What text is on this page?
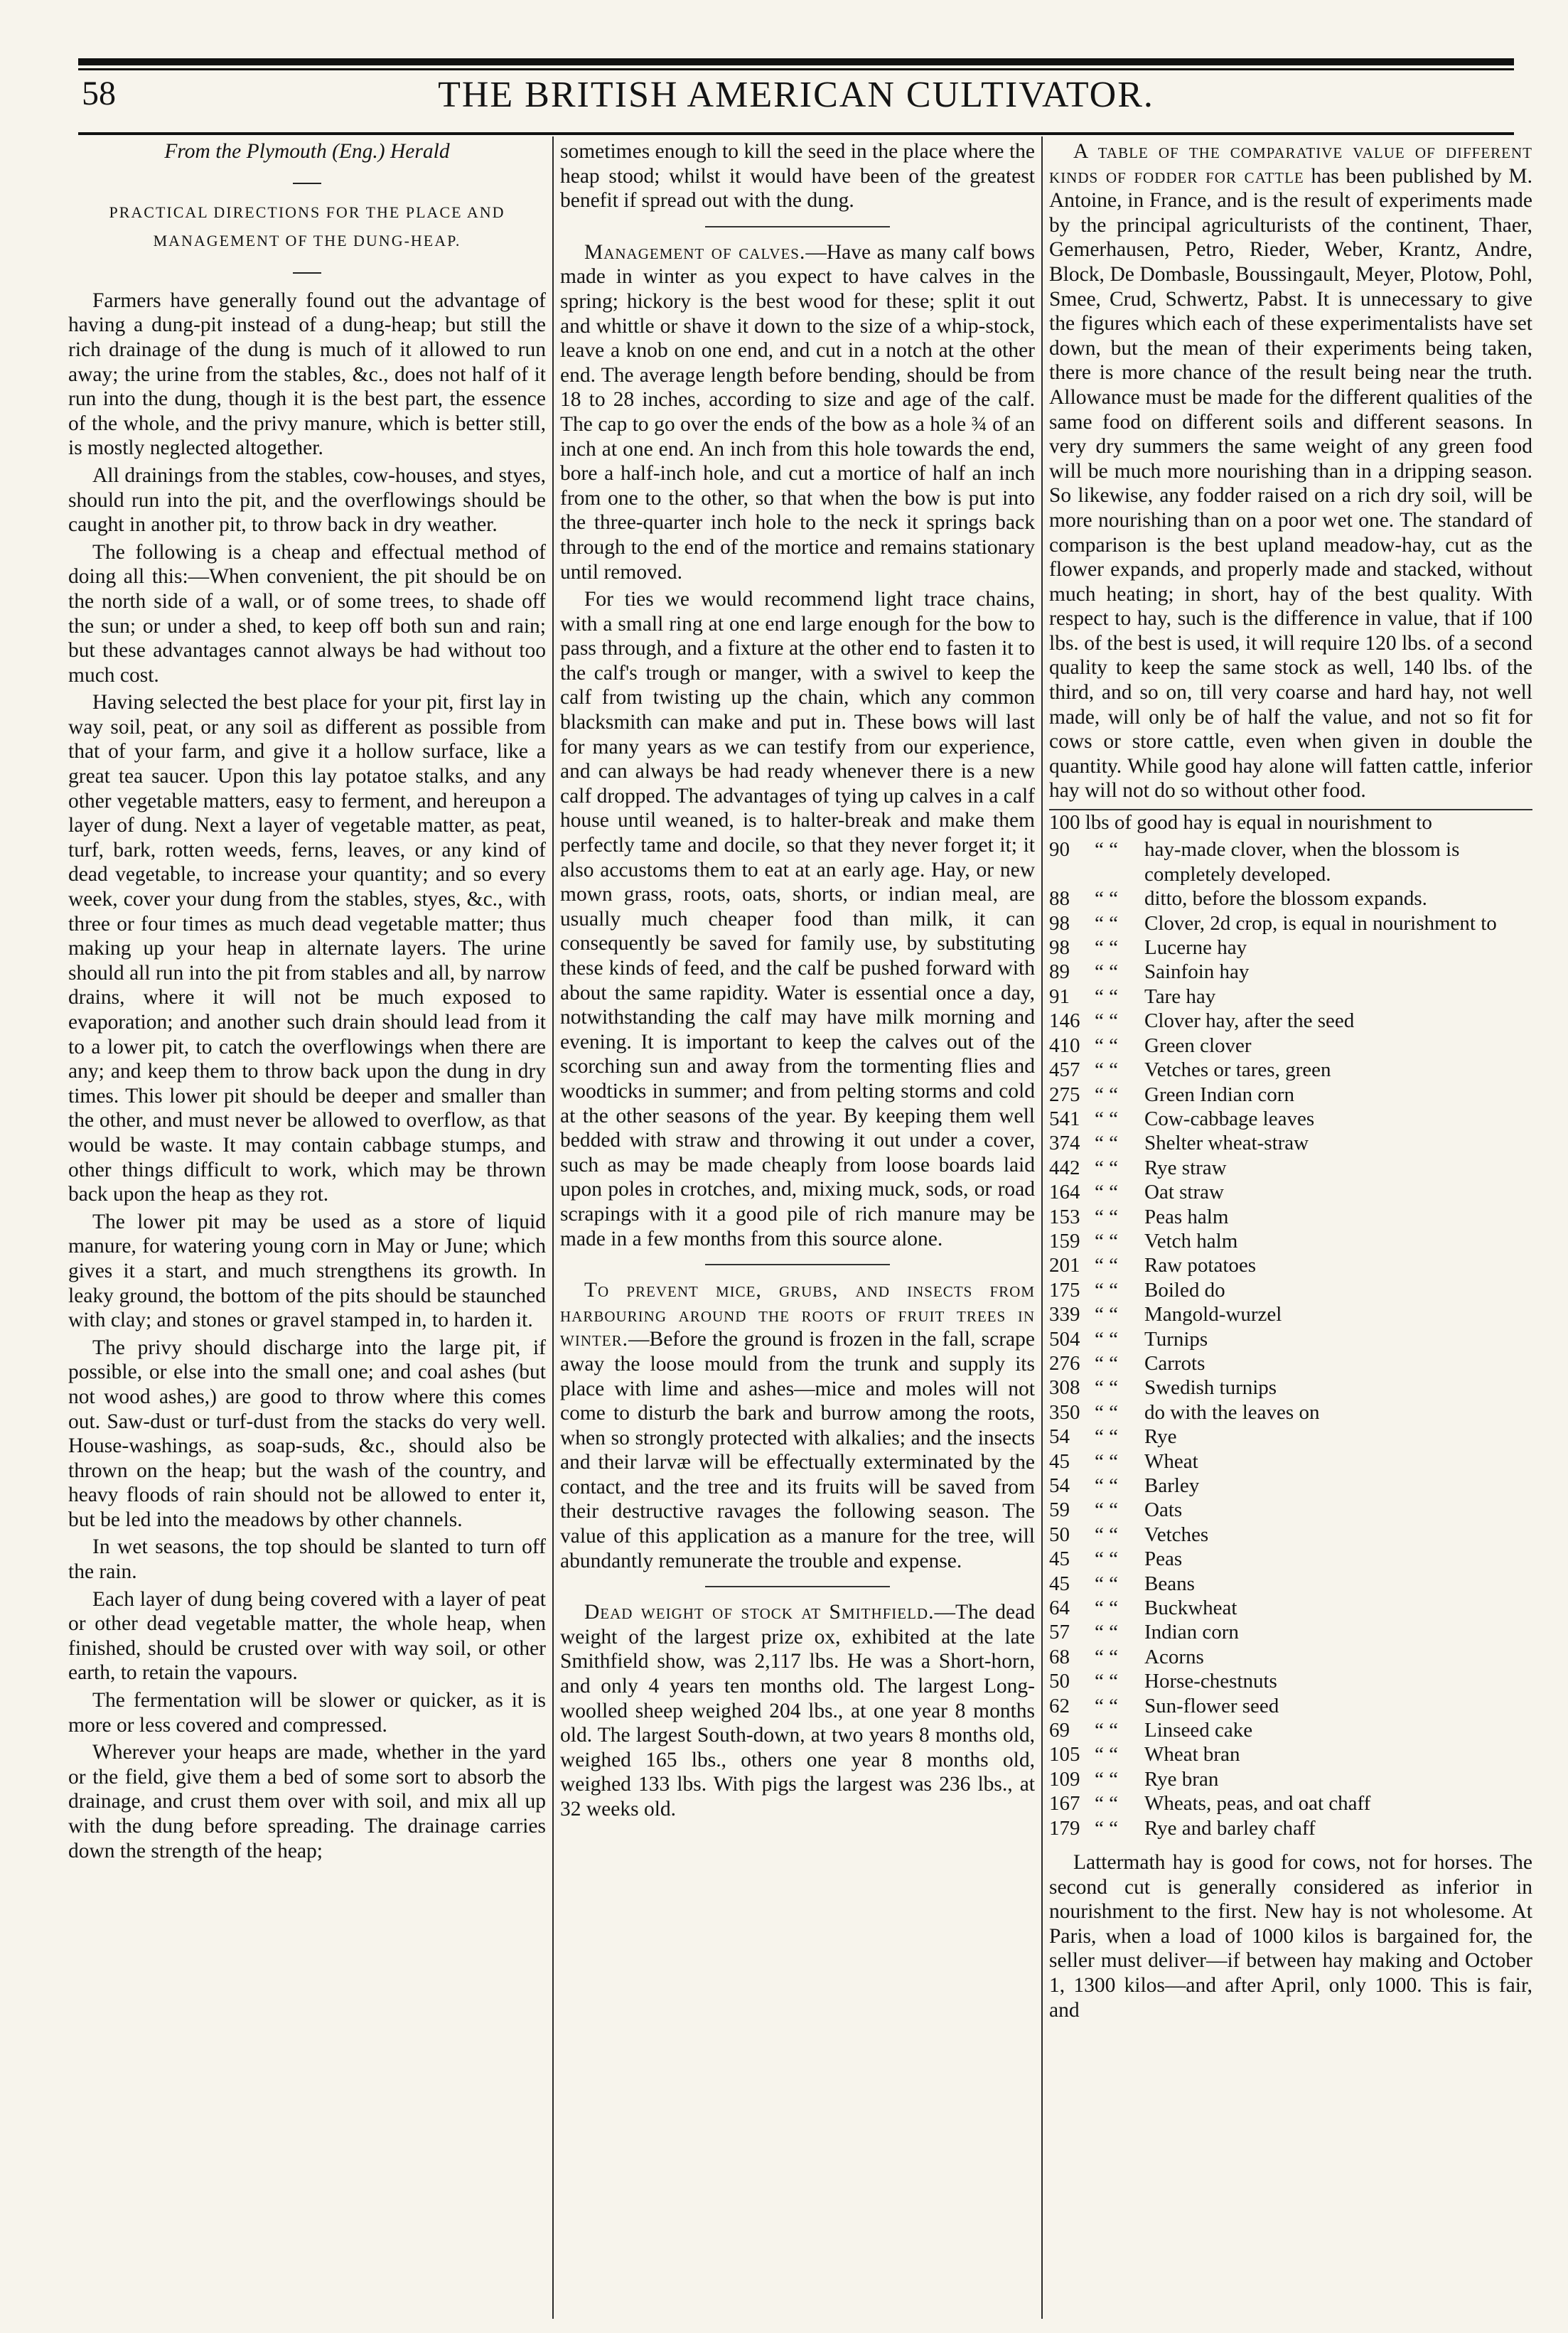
58	THE BRITISH AMERICAN CULTIVATOR.
From the Plymouth (Eng.) Herald
PRACTICAL DIRECTIONS FOR THE PLACE AND
MANAGEMENT OF THE DUNG-HEAP.

Farmers have generally found out the advantage of having a dung-pit instead of a dung-heap; but still the rich drainage of the dung is much of it allowed to run away; the urine from the stables, &c., does not half of it run into the dung, though it is the best part, the essence of the whole, and the privy manure, which is better still, is mostly neglected altogether.

All drainings from the stables, cow-houses, and styes, should run into the pit, and the overflowings should be caught in another pit, to throw back in dry weather.

The following is a cheap and effectual method of doing all this:—When convenient, the pit should be on the north side of a wall, or of some trees, to shade off the sun; or under a shed, to keep off both sun and rain; but these advantages cannot always be had without too much cost.

Having selected the best place for your pit, first lay in way soil, peat, or any soil as different as possible from that of your farm, and give it a hollow surface, like a great tea saucer. Upon this lay potatoe stalks, and any other vegetable matters, easy to ferment, and hereupon a layer of dung. Next a layer of vegetable matter, as peat, turf, bark, rotten weeds, ferns, leaves, or any kind of dead vegetable, to increase your quantity; and so every week, cover your dung from the stables, styes, &c., with three or four times as much dead vegetable matter; thus making up your heap in alternate layers. The urine should all run into the pit from stables and all, by narrow drains, where it will not be much exposed to evaporation; and another such drain should lead from it to a lower pit, to catch the overflowings when there are any; and keep them to throw back upon the dung in dry times. This lower pit should be deeper and smaller than the other, and must never be allowed to overflow, as that would be waste. It may contain cabbage stumps, and other things difficult to work, which may be thrown back upon the heap as they rot.

The lower pit may be used as a store of liquid manure, for watering young corn in May or June; which gives it a start, and much strengthens its growth. In leaky ground, the bottom of the pits should be staunched with clay; and stones or gravel stamped in, to harden it.

The privy should discharge into the large pit, if possible, or else into the small one; and coal ashes (but not wood ashes,) are good to throw where this comes out. Saw-dust or turf-dust from the stacks do very well. House-washings, as soap-suds, &c., should also be thrown on the heap; but the wash of the country, and heavy floods of rain should not be allowed to enter it, but be led into the meadows by other channels.

In wet seasons, the top should be slanted to turn off the rain.

Each layer of dung being covered with a layer of peat or other dead vegetable matter, the whole heap, when finished, should be crusted over with way soil, or other earth, to retain the vapours.

The fermentation will be slower or quicker, as it is more or less covered and compressed.

Wherever your heaps are made, whether in the yard or the field, give them a bed of some sort to absorb the drainage, and crust them over with soil, and mix all up with the dung before spreading. The drainage carries down the strength of the heap;

sometimes enough to kill the seed in the place where the heap stood; whilst it would have been of the greatest benefit if spread out with the dung.

Management of calves.—Have as many calf bows made in winter as you expect to have calves in the spring; hickory is the best wood for these; split it out and whittle or shave it down to the size of a whip-stock, leave a knob on one end, and cut in a notch at the other end. The average length before bending, should be from 18 to 28 inches, according to size and age of the calf. The cap to go over the ends of the bow as a hole ¾ of an inch at one end. An inch from this hole towards the end, bore a half-inch hole, and cut a mortice of half an inch from one to the other, so that when the bow is put into the three-quarter inch hole to the neck it springs back through to the end of the mortice and remains stationary until removed.

For ties we would recommend light trace chains, with a small ring at one end large enough for the bow to pass through, and a fixture at the other end to fasten it to the calf's trough or manger, with a swivel to keep the calf from twisting up the chain, which any common blacksmith can make and put in. These bows will last for many years as we can testify from our experience, and can always be had ready whenever there is a new calf dropped. The advantages of tying up calves in a calf house until weaned, is to halter-break and make them perfectly tame and docile, so that they never forget it; it also accustoms them to eat at an early age. Hay, or new mown grass, roots, oats, shorts, or indian meal, are usually much cheaper food than milk, it can consequently be saved for family use, by substituting these kinds of feed, and the calf be pushed forward with about the same rapidity. Water is essential once a day, notwithstanding the calf may have milk morning and evening. It is important to keep the calves out of the scorching sun and away from the tormenting flies and woodticks in summer; and from pelting storms and cold at the other seasons of the year. By keeping them well bedded with straw and throwing it out under a cover, such as may be made cheaply from loose boards laid upon poles in crotches, and, mixing muck, sods, or road scrapings with it a good pile of rich manure may be made in a few months from this source alone.

To prevent mice, grubs, and insects from harbouring around the roots of fruit trees in winter.—Before the ground is frozen in the fall, scrape away the loose mould from the trunk and supply its place with lime and ashes—mice and moles will not come to disturb the bark and burrow among the roots, when so strongly protected with alkalies; and the insects and their larvæ will be effectually exterminated by the contact, and the tree and its fruits will be saved from their destructive ravages the following season. The value of this application as a manure for the tree, will abundantly remunerate the trouble and expense.

Dead weight of stock at Smithfield.—The dead weight of the largest prize ox, exhibited at the late Smithfield show, was 2,117 lbs. He was a Short-horn, and only 4 years ten months old. The largest Long-woolled sheep weighed 204 lbs., at one year 8 months old. The largest South-down, at two years 8 months old, weighed 165 lbs., others one year 8 months old, weighed 133 lbs. With pigs the largest was 236 lbs., at 32 weeks old.

A table of the comparative value of different kinds of fodder for cattle has been published by M. Antoine, in France, and is the result of experiments made by the principal agriculturists of the continent, Thaer, Gemerhausen, Petro, Rieder, Weber, Krantz, Andre, Block, De Dombasle, Boussingault, Meyer, Plotow, Pohl, Smee, Crud, Schwertz, Pabst. It is unnecessary to give the figures which each of these experimentalists have set down, but the mean of their experiments being taken, there is more chance of the result being near the truth. Allowance must be made for the different qualities of the same food on different soils and different seasons. In very dry summers the same weight of any green food will be much more nourishing than in a dripping season. So likewise, any fodder raised on a rich dry soil, will be more nourishing than on a poor wet one. The standard of comparison is the best upland meadow-hay, cut as the flower expands, and properly made and stacked, without much heating; in short, hay of the best quality. With respect to hay, such is the difference in value, that if 100 lbs. of the best is used, it will require 120 lbs. of a second quality to keep the same stock as well, 140 lbs. of the third, and so on, till very coarse and hard hay, not well made, will only be of half the value, and not so fit for cows or store cattle, even when given in double the quantity. While good hay alone will fatten cattle, inferior hay will not do so without other food.

100 lbs of good hay is equal in nourishment to
90	“ “	hay-made clover, when the blossom is completely developed.
88	“ “	ditto, before the blossom expands.
98	“ “	Clover, 2d crop, is equal in nourishment to
98	“ “	Lucerne hay
89	“ “	Sainfoin hay
91	“ “	Tare hay
146	“ “	Clover hay, after the seed
410	“ “	Green clover
457	“ “	Vetches or tares, green
275	“ “	Green Indian corn
541	“ “	Cow-cabbage leaves
374	“ “	Shelter wheat-straw
442	“ “	Rye straw
164	“ “	Oat straw
153	“ “	Peas halm
159	“ “	Vetch halm
201	“ “	Raw potatoes
175	“ “	Boiled do
339	“ “	Mangold-wurzel
504	“ “	Turnips
276	“ “	Carrots
308	“ “	Swedish turnips
350	“ “	do with the leaves on
54	“ “	Rye
45	“ “	Wheat
54	“ “	Barley
59	“ “	Oats
50	“ “	Vetches
45	“ “	Peas
45	“ “	Beans
64	“ “	Buckwheat
57	“ “	Indian corn
68	“ “	Acorns
50	“ “	Horse-chestnuts
62	“ “	Sun-flower seed
69	“ “	Linseed cake
105	“ “	Wheat bran
109	“ “	Rye bran
167	“ “	Wheats, peas, and oat chaff
179	“ “	Rye and barley chaff

Lattermath hay is good for cows, not for horses. The second cut is generally considered as inferior in nourishment to the first. New hay is not wholesome. At Paris, when a load of 1000 kilos is bargained for, the seller must deliver—if between hay making and October 1, 1300 kilos—and after April, only 1000. This is fair, and
